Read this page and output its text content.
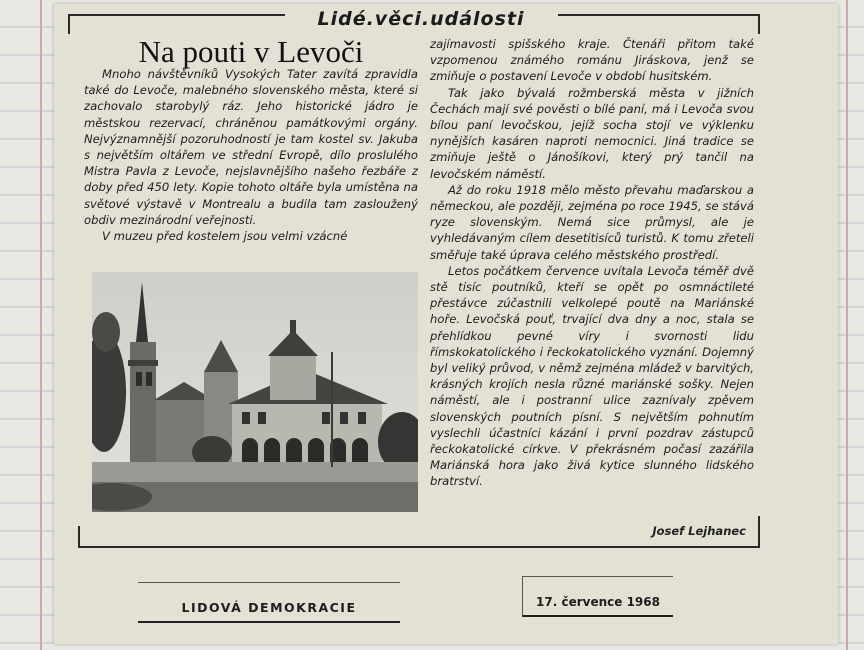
Lidé.věci.události
Na pouti v Levoči

Mnoho návštěvníků Vysokých Tater zavítá zpravidla také do Levoče, malebného slovenského města, které si zachovalo starobylý ráz. Jeho historické jádro je městskou rezervací, chráněnou památkovými orgány. Nejvýznamnější pozoruhodností je tam kostel sv. Jakuba s největším oltářem ve střední Evropě, dílo proslulého Mistra Pavla z Levoče, nejslavnějšího našeho řezbáře z doby před 450 lety. Kopie tohoto oltáře byla umístěna na světové výstavě v Montrealu a budila tam zasloužený obdiv mezinárodní veřejnosti.

V muzeu před kostelem jsou velmi vzácné

zajímavosti spišského kraje. Čtenáři přitom také vzpomenou známého románu Jiráskova, jenž se zmiňuje o postavení Levoče v období husitském.

Tak jako bývalá rožmberská města v jižních Čechách mají své pověsti o bílé paní, má i Levoča svou bílou paní levočskou, jejíž socha stojí ve výklenku nynějších kasáren naproti nemocnici. Jiná tradice se zmiňuje ještě o Jánošíkovi, který prý tančil na levočském náměstí.

Až do roku 1918 mělo město převahu maďarskou a německou, ale později, zejména po roce 1945, se stává ryze slovenským. Nemá sice průmysl, ale je vyhledávaným cílem desetitisíců turistů. K tomu zřeteli směřuje také úprava celého městského prostředí.

Letos počátkem července uvítala Levoča téměř dvě stě tisíc poutníků, kteří se opět po osmnáctileté přestávce zúčastnili velkolepé poutě na Mariánské hoře. Levočská pouť, trvající dva dny a noc, stala se přehlídkou pevné víry i svornosti lidu římskokatolického i řeckokatolického vyznání. Dojemný byl veliký průvod, v němž zejména mládež v barvitých, krásných krojích nesla různé mariánské sošky. Nejen náměstí, ale i postranní ulice zaznívaly zpěvem slovenských poutních písní. S největším pohnutím vyslechli účastníci kázání i první pozdrav zástupců řeckokatolické církve. V překrásném počasí zazářila Mariánská hora jako živá kytice slunného lidského bratrství.

Josef Lejhanec
LIDOVÁ DEMOKRACIE	17. července 1968
